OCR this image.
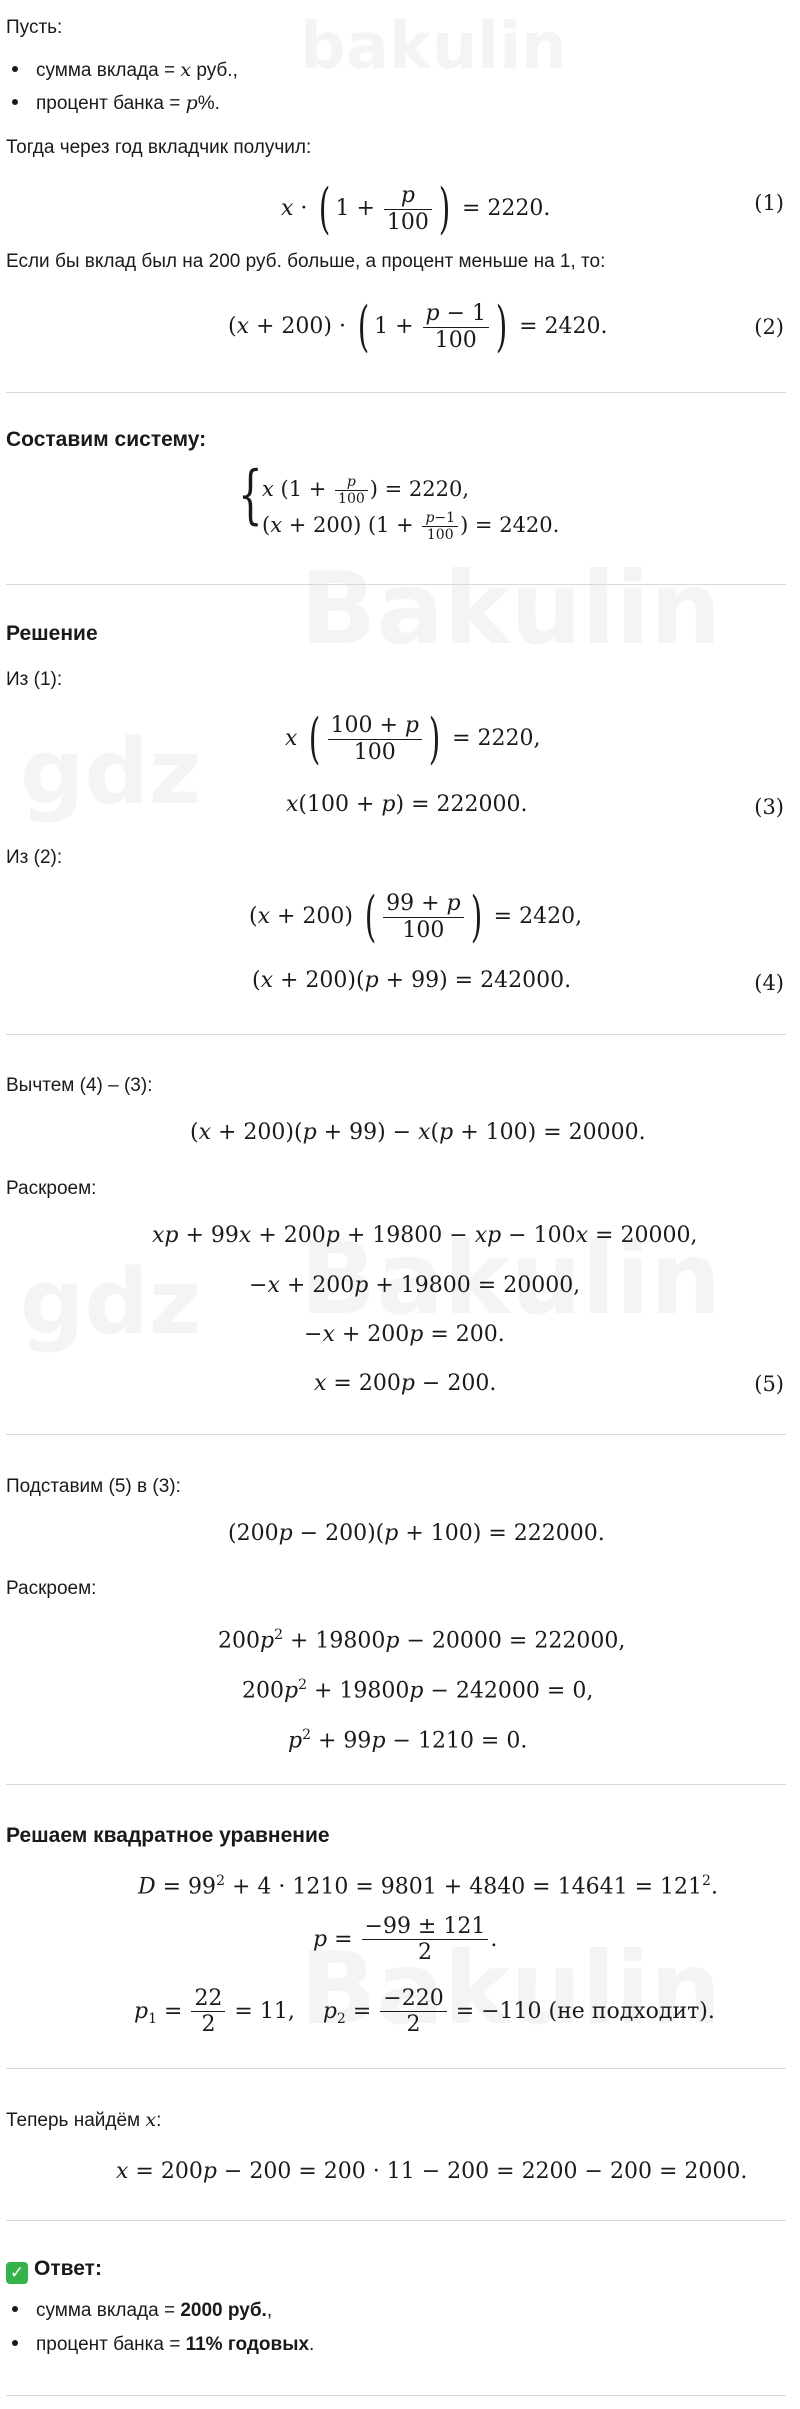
Пусть:
сумма вклада = x руб.,
процент банка = p%.
Тогда через год вкладчик получил:
x · ( $1 + \frac{p}{100}$ ) = 2220.	(1)
Если бы вклад был на 200 руб. больше, а процент меньше на 1, то:
(x + 200) · ( $1 + \frac{p - 1}{100}$ ) = 2420.	(2)
Составим систему:
{ x ($1 + \frac{p}{100}$ ) = 2220,
(x + 200) ($1 + \frac{p-1}{100}$ ) = 2420.
Решение
Из (1):
x ( $\frac{100 + p}{100}$ ) = 2220,
x(100 + p) = 222000.	(3)
Из (2):
(x + 200) ( $\frac{99 + p}{100}$ ) = 2420,
(x + 200)(p + 99) = 242000.	(4)
Вычтем (4) – (3):
(x + 200)(p + 99) − x(p + 100) = 20000.
Раскроем:
xp + 99x + 200p + 19800 − xp − 100x = 20000,
−x + 200p + 19800 = 20000,
−x + 200p = 200.
x = 200p − 200.	(5)
Подставим (5) в (3):
(200p − 200)(p + 100) = 222000.
Раскроем:
$200p^2 + 19800p - 20000 = 222000$,
$200p^2 + 19800p - 242000 = 0$,
$p^2 + 99p - 1210 = 0$.
Решаем квадратное уравнение
$D = 99^2 + 4 \cdot 1210 = 9801 + 4840 = 14641 = 121^2$.
$p = \frac{-99 \pm 121}{2}$ .
$p_1 = \frac{22}{2} = 11$,    $p_2 = \frac{-220}{2} = -110$ (не подходит).
Теперь найдём x:
x = 200p − 200 = 200 · 11 − 200 = 2200 − 200 = 2000.
✓ Ответ:
сумма вклада = 2000 руб.,
процент банка = 11% годовых.
